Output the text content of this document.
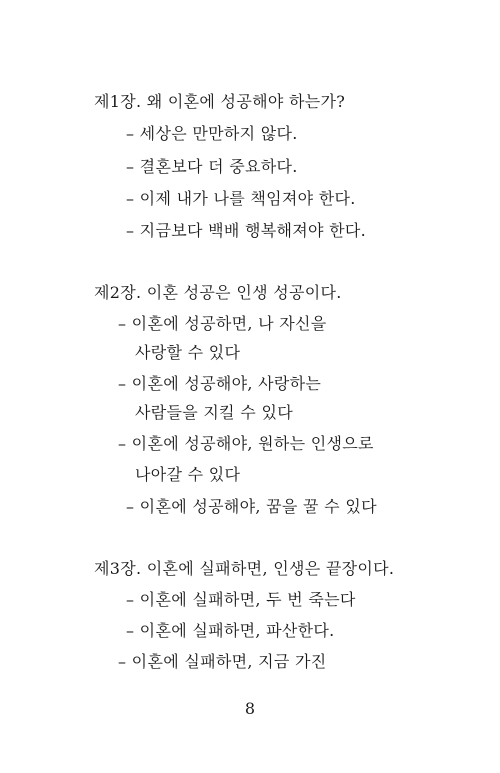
제1장. 왜 이혼에 성공해야 하는가?
– 세상은 만만하지 않다.
– 결혼보다 더 중요하다.
– 이제 내가 나를 책임져야 한다.
– 지금보다 백배 행복해져야 한다.
제2장. 이혼 성공은 인생 성공이다.
– 이혼에 성공하면, 나 자신을
사랑할 수 있다
– 이혼에 성공해야, 사랑하는
사람들을 지킬 수 있다
– 이혼에 성공해야, 원하는 인생으로
나아갈 수 있다
– 이혼에 성공해야, 꿈을 꿀 수 있다
제3장. 이혼에 실패하면, 인생은 끝장이다.
– 이혼에 실패하면, 두 번 죽는다
– 이혼에 실패하면, 파산한다.
– 이혼에 실패하면, 지금 가진
8
